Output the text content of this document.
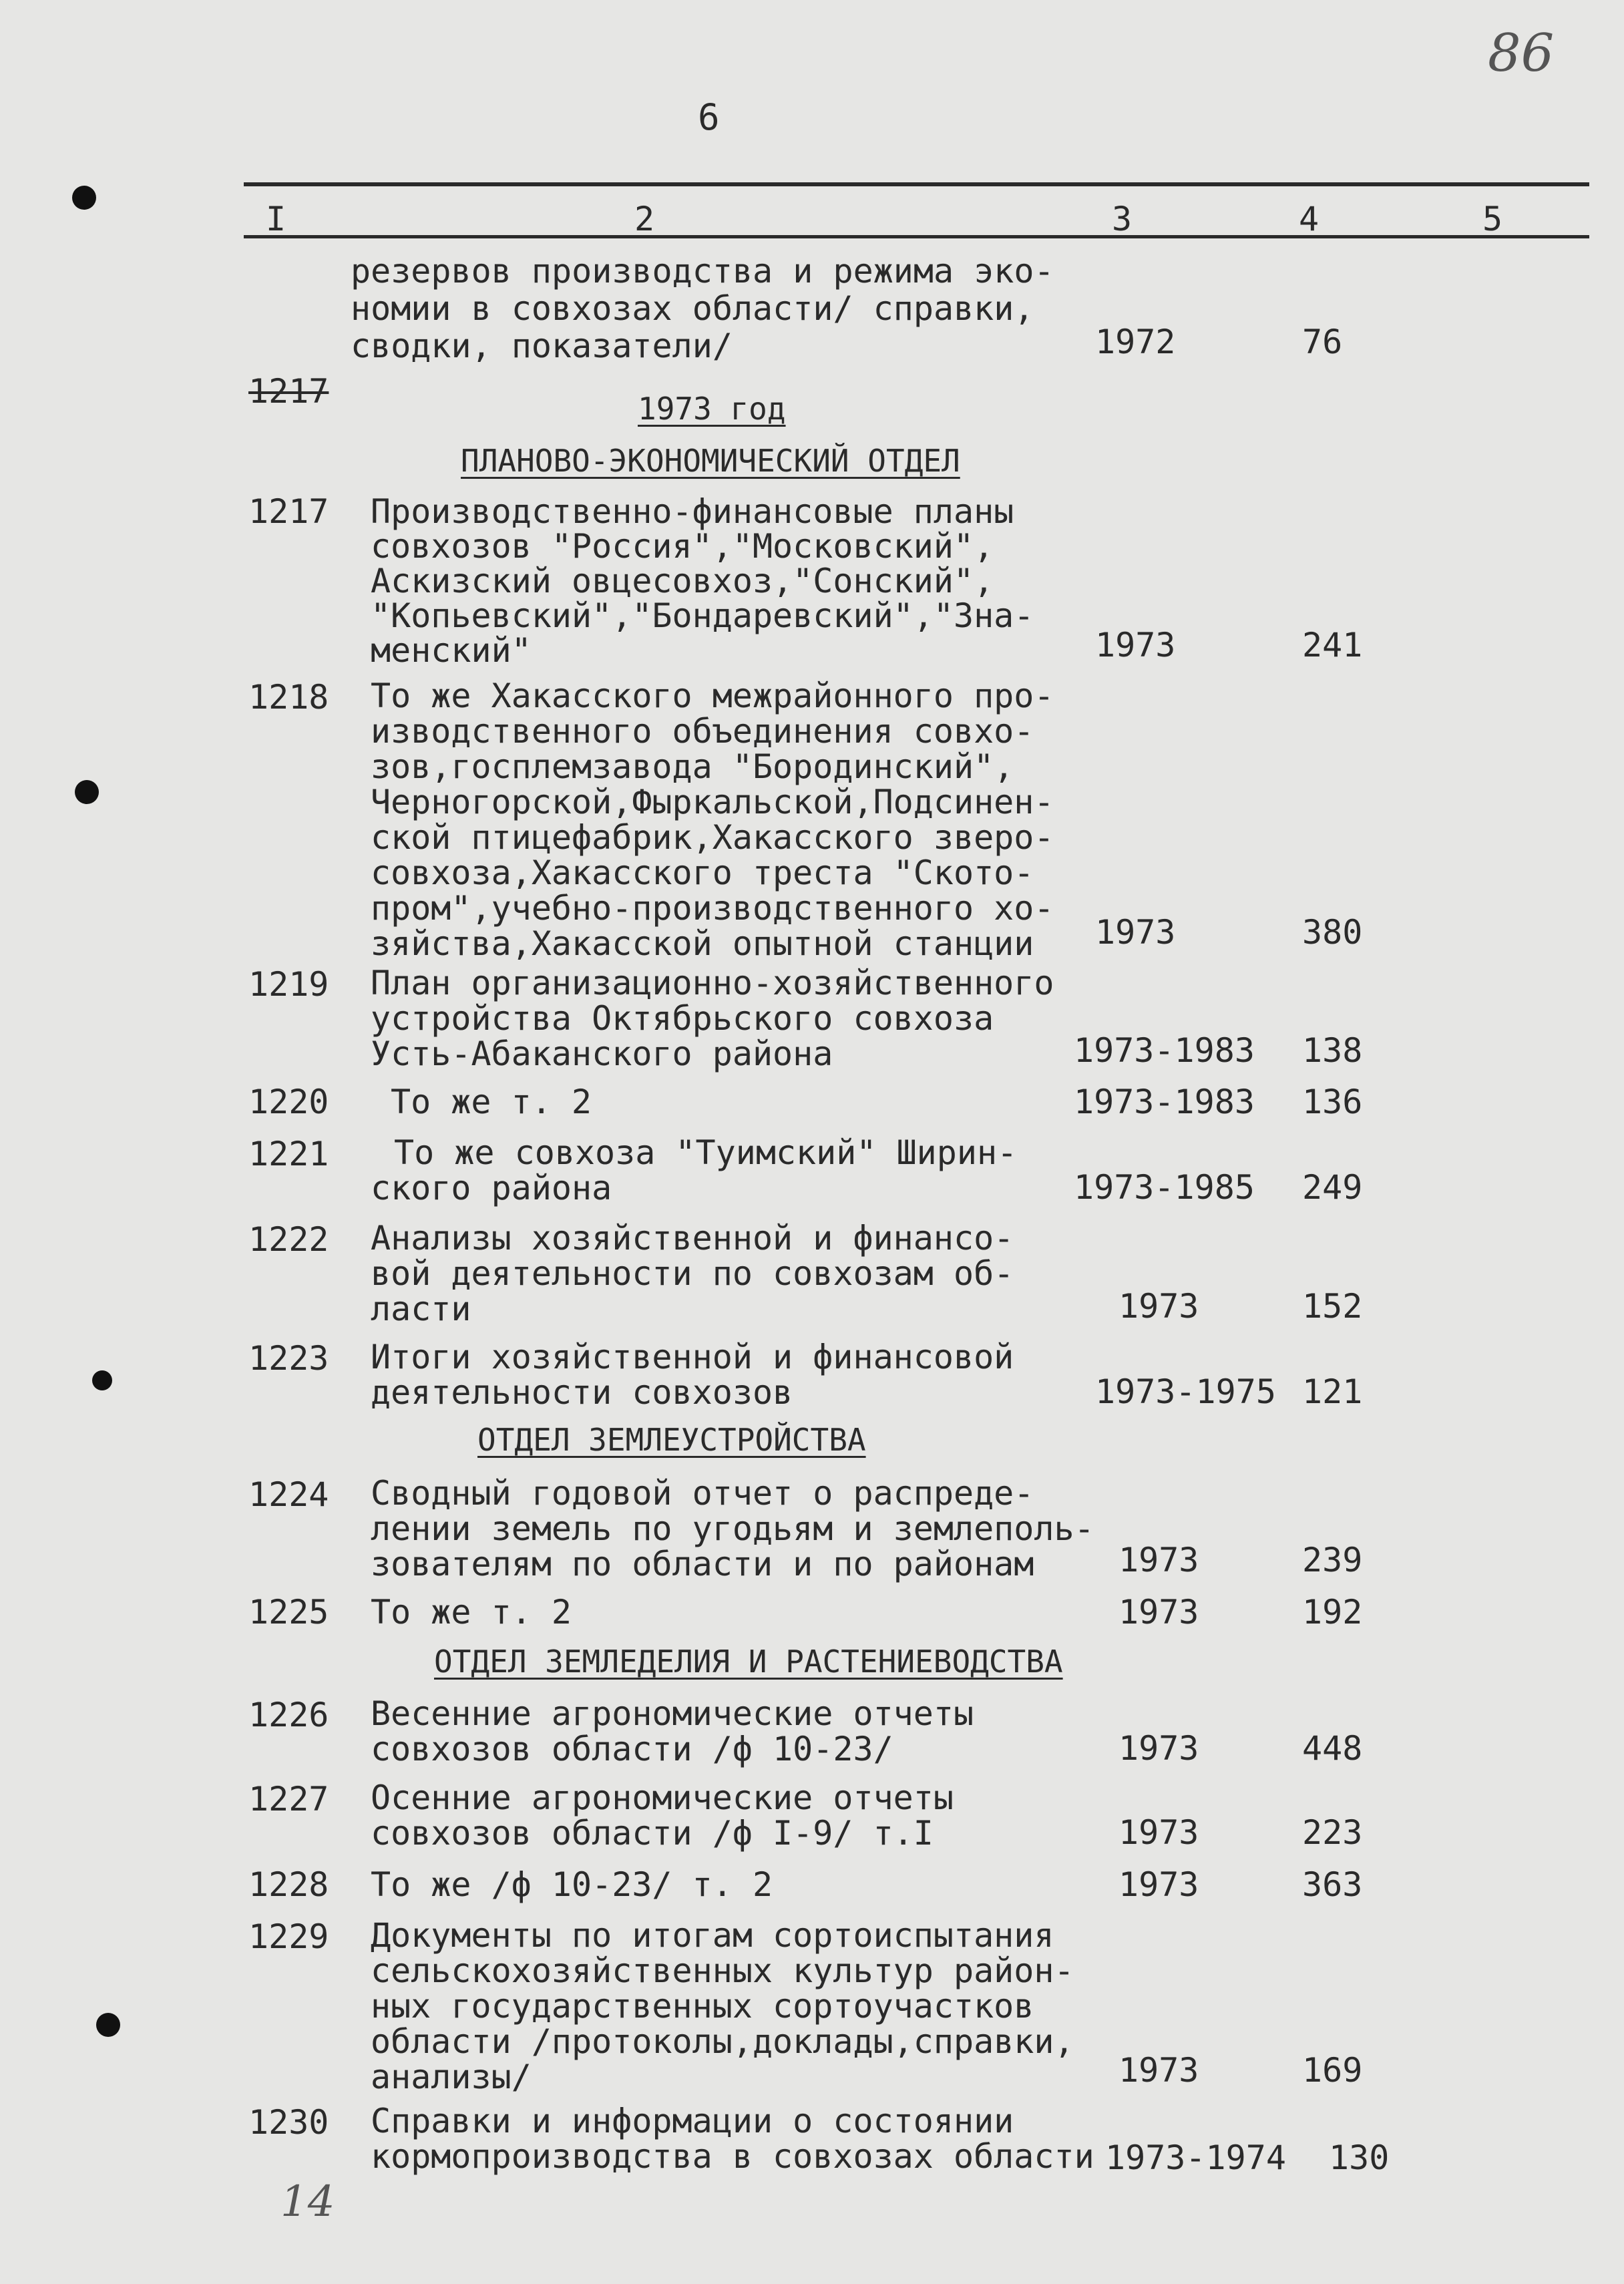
86
6
I	2	3	4	5
резервов производства и режима эко-
номии в совхозах области/ справки,
сводки, показатели/	1972	76
1217	1973 год
ПЛАНОВО-ЭКОНОМИЧЕСКИЙ ОТДЕЛ
1217 Производственно-финансовые планы
совхозов "Россия","Московский",
Аскизский овцесовхоз,"Сонский",
"Копьевский","Бондаревский","Зна-
менский"	1973	241
1218 То же Хакасского межрайонного про-
изводственного объединения совхо-
зов,госплемзавода "Бородинский",
Черногорской,Фыркальской,Подсинен-
ской птицефабрик,Хакасского зверо-
совхоза,Хакасского треста "Ското-
пром",учебно-производственного хо-
зяйства,Хакасской опытной станции	1973	380
1219 План организационно-хозяйственного
устройства Октябрьского совхоза
Усть-Абаканского района	1973-1983 138
1220 То же т. 2	1973-1983 136
1221 То же совхоза "Туимский" Ширин-
ского района	1973-1985 249
1222 Анализы хозяйственной и финансо-
вой деятельности по совхозам об-
ласти	1973	152
1223 Итоги хозяйственной и финансовой
деятельности совхозов	1973-1975 121
ОТДЕЛ ЗЕМЛЕУСТРОЙСТВА
1224 Сводный годовой отчет о распреде-
лении земель по угодьям и землеполь-
зователям по области и по районам	1973	239
1225 То же т. 2	1973	192
ОТДЕЛ ЗЕМЛЕДЕЛИЯ И РАСТЕНИЕВОДСТВА
1226 Весенние агрономические отчеты
совхозов области /ф 10-23/	1973	448
1227 Осенние агрономические отчеты
совхозов области /ф I-9/ т.I	1973	223
1228 То же /ф 10-23/ т. 2	1973	363
1229 Документы по итогам сортоиспытания
сельскохозяйственных культур район-
ных государственных сортоучастков
области /протоколы,доклады,справки,
анализы/	1973	169
1230 Справки и информации о состоянии
кормопроизводства в совхозах области 1973-1974 130
14
